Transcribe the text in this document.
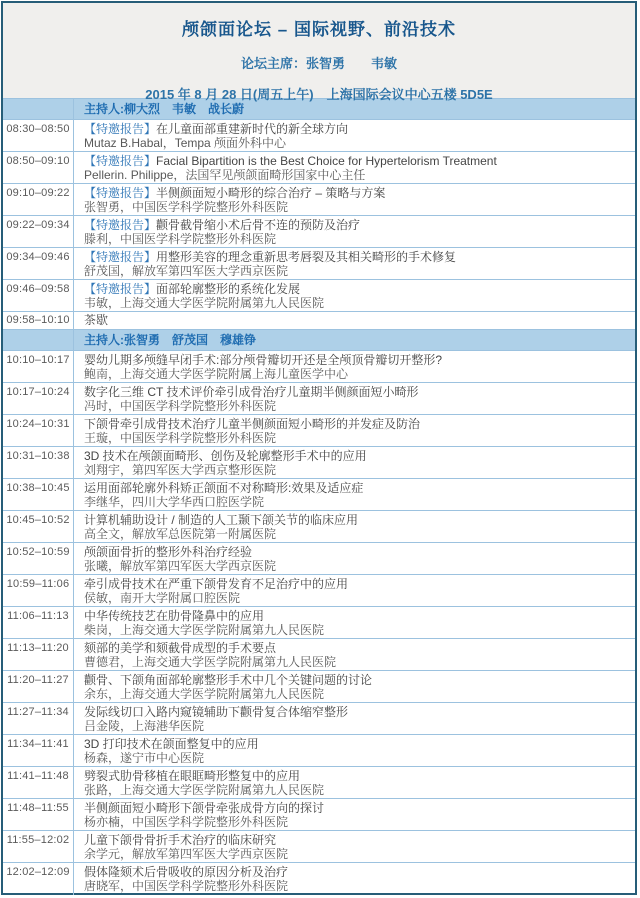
颅颌面论坛 – 国际视野、前沿技术
论坛主席：张智勇　　韦敏
2015 年 8 月 28 日(周五上午)　上海国际会议中心五楼 5D5E
主持人:柳大烈　韦敏　战长蔚
08:30–08:50	【特邀报告】在儿童面部重建新时代的新全球方向
Mutaz B.Habal，Tempa 颅面外科中心
08:50–09:10	【特邀报告】Facial Bipartition is the Best Choice for Hypertelorism Treatment
Pellerin. Philippe，法国罕见颅颌面畸形国家中心主任
09:10–09:22	【特邀报告】半侧颜面短小畸形的综合治疗 – 策略与方案
张智勇，中国医学科学院整形外科医院
09:22–09:34	【特邀报告】颧骨截骨缩小术后骨不连的预防及治疗
滕利，中国医学科学院整形外科医院
09:34–09:46	【特邀报告】用整形美容的理念重新思考唇裂及其相关畸形的手术修复
舒茂国，解放军第四军医大学西京医院
09:46–09:58	【特邀报告】面部轮廓整形的系统化发展
韦敏，上海交通大学医学院附属第九人民医院
09:58–10:10	茶歇
主持人:张智勇　舒茂国　穆雄铮
10:10–10:17	婴幼儿期多颅缝早闭手术:部分颅骨瓣切开还是全颅顶骨瓣切开整形?
鲍南，上海交通大学医学院附属上海儿童医学中心
10:17–10:24	数字化三维 CT 技术评价牵引成骨治疗儿童期半侧颜面短小畸形
冯时，中国医学科学院整形外科医院
10:24–10:31	下颌骨牵引成骨技术治疗儿童半侧颜面短小畸形的并发症及防治
王璇，中国医学科学院整形外科医院
10:31–10:38	3D 技术在颅颌面畸形、创伤及轮廓整形手术中的应用
刘翔宇，第四军医大学西京整形医院
10:38–10:45	运用面部轮廓外科矫正颌面不对称畸形:效果及适应症
李继华，四川大学华西口腔医学院
10:45–10:52	计算机辅助设计 / 制造的人工颞下颌关节的临床应用
高全文，解放军总医院第一附属医院
10:52–10:59	颅颌面骨折的整形外科治疗经验
张曦，解放军第四军医大学西京医院
10:59–11:06	牵引成骨技术在严重下颌骨发育不足治疗中的应用
侯敏，南开大学附属口腔医院
11:06–11:13	中华传统技艺在肋骨隆鼻中的应用
柴岗，上海交通大学医学院附属第九人民医院
11:13–11:20	颏部的美学和颏截骨成型的手术要点
曹德君，上海交通大学医学院附属第九人民医院
11:20–11:27	颧骨、下颌角面部轮廓整形手术中几个关键问题的讨论
余东，上海交通大学医学院附属第九人民医院
11:27–11:34	发际线切口入路内窥镜辅助下颧骨复合体缩窄整形
吕金陵，上海港华医院
11:34–11:41	3D 打印技术在颌面整复中的应用
杨森，遂宁市中心医院
11:41–11:48	劈裂式肋骨移植在眼眶畸形整复中的应用
张路，上海交通大学医学院附属第九人民医院
11:48–11:55	半侧颜面短小畸形下颌骨牵张成骨方向的探讨
杨亦楠，中国医学科学院整形外科医院
11:55–12:02	儿童下颌骨骨折手术治疗的临床研究
余学元，解放军第四军医大学西京医院
12:02–12:09	假体隆颏术后骨吸收的原因分析及治疗
唐晓军，中国医学科学院整形外科医院
